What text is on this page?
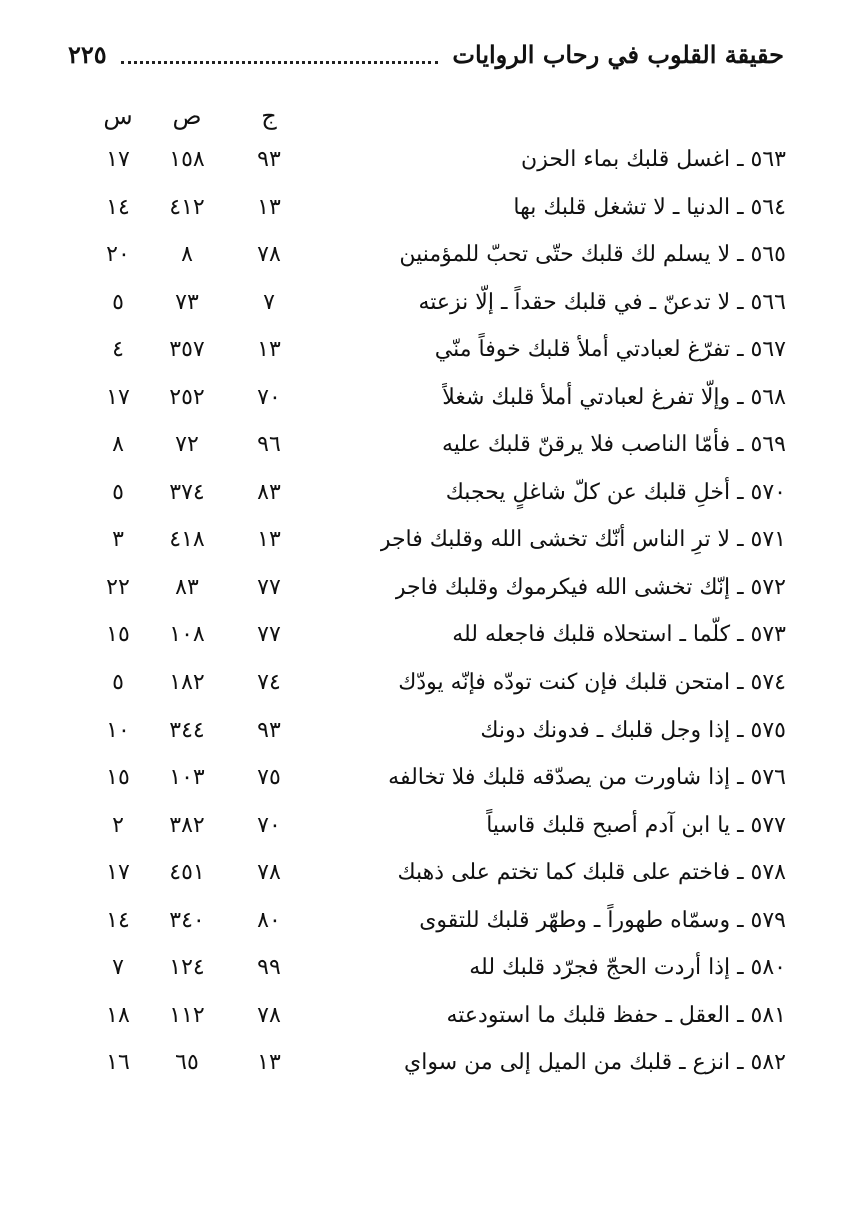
حقيقة القلوب في رحاب الروايات
٢٢٥
ج
ص
س
٥٦٣ ـ اغسل قلبك بماء الحزن
٩٣
١٥٨
١٧
٥٦٤ ـ الدنيا ـ لا تشغل قلبك بها
١٣
٤١٢
١٤
٥٦٥ ـ لا يسلم لك قلبك حتّى تحبّ للمؤمنين
٧٨
٨
٢٠
٥٦٦ ـ لا تدعنّ ـ في قلبك حقداً ـ إلّا نزعته
٧
٧٣
٥
٥٦٧ ـ تفرّغ لعبادتي أملأ قلبك خوفاً منّي
١٣
٣٥٧
٤
٥٦٨ ـ وإلّا تفرغ لعبادتي أملأ قلبك شغلاً
٧٠
٢٥٢
١٧
٥٦٩ ـ فأمّا الناصب فلا يرقنّ قلبك عليه
٩٦
٧٢
٨
٥٧٠ ـ أخلِ قلبك عن كلّ شاغلٍ يحجبك
٨٣
٣٧٤
٥
٥٧١ ـ لا ترِ الناس أنّك تخشى الله وقلبك فاجر
١٣
٤١٨
٣
٥٧٢ ـ إنّك تخشى الله فيكرموك وقلبك فاجر
٧٧
٨٣
٢٢
٥٧٣ ـ كلّما ـ استحلاه قلبك فاجعله لله
٧٧
١٠٨
١٥
٥٧٤ ـ امتحن قلبك فإن كنت تودّه فإنّه يودّك
٧٤
١٨٢
٥
٥٧٥ ـ إذا وجل قلبك ـ فدونك دونك
٩٣
٣٤٤
١٠
٥٧٦ ـ إذا شاورت من يصدّقه قلبك فلا تخالفه
٧٥
١٠٣
١٥
٥٧٧ ـ يا ابن آدم أصبح قلبك قاسياً
٧٠
٣٨٢
٢
٥٧٨ ـ فاختم على قلبك كما تختم على ذهبك
٧٨
٤٥١
١٧
٥٧٩ ـ وسمّاه طهوراً ـ وطهّر قلبك للتقوى
٨٠
٣٤٠
١٤
٥٨٠ ـ إذا أردت الحجّ فجرّد قلبك لله
٩٩
١٢٤
٧
٥٨١ ـ العقل ـ حفظ قلبك ما استودعته
٧٨
١١٢
١٨
٥٨٢ ـ انزع ـ قلبك من الميل إلى من سواي
١٣
٦٥
١٦
